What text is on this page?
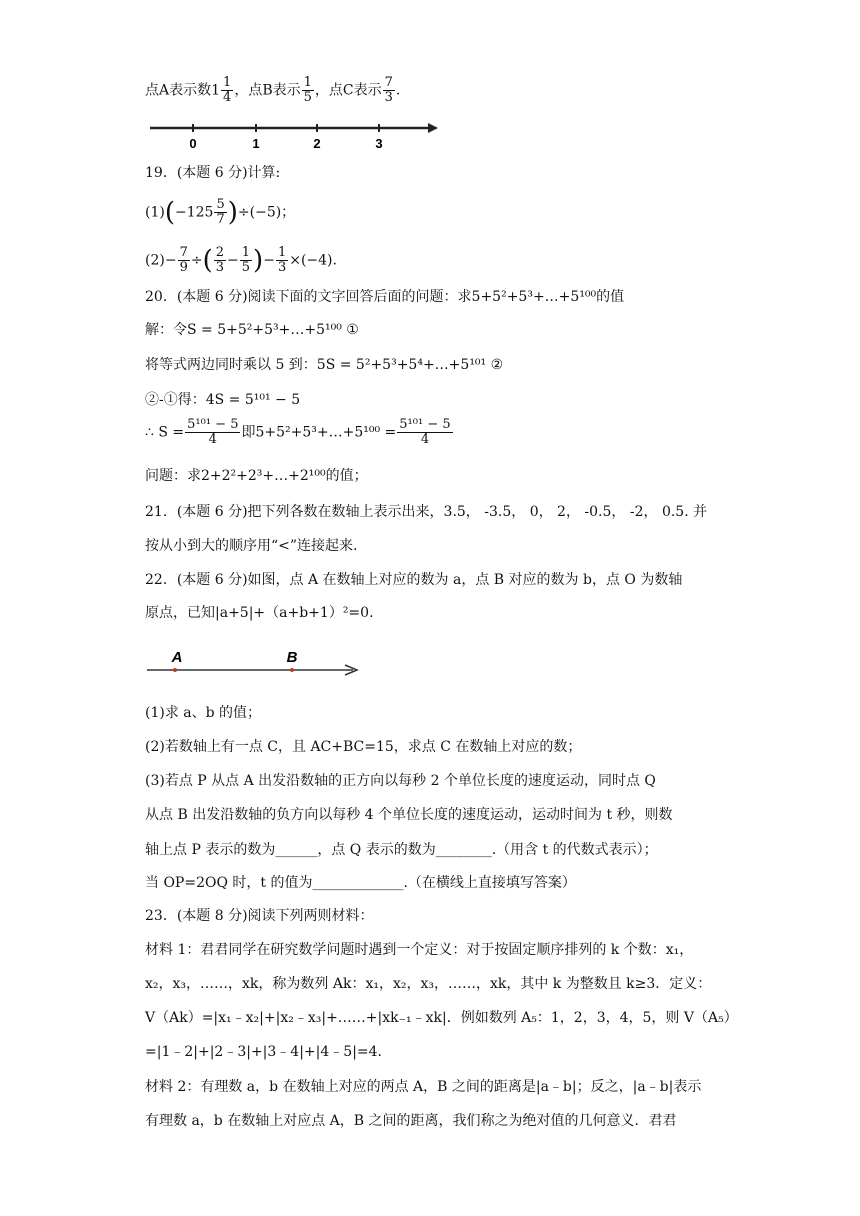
点A表示数$1 \frac{1}{4}$ ，点B表示 $\frac{1}{5}$ ，点C表示 $\frac{7}{3}$ .
0	1	2	3
19．(本题 6 分)计算:
$(1)(-125 \frac{5}{7} )\div(-5)$；
$(2)- \frac{7}{9}$ ÷( $\frac{2}{3} - \frac{1}{5}$ )− $\frac{1}{3} \times(-4)$.
20．(本题 6 分)阅读下面的文字回答后面的问题：求5+5²+5³+…+5¹⁰⁰的值
解：令S = 5+5²+5³+…+5¹⁰⁰ ①
将等式两边同时乘以 5 到：5S = 5²+5³+5⁴+…+5¹⁰¹ ②
②-①得：4S = 5¹⁰¹ − 5
∴ $S = \frac{\text{5¹⁰¹ − 5}}{4}$ 即5+5²+5³+…+5¹⁰⁰ = $\frac{\text{5¹⁰¹ − 5}}{4}$
问题：求2+2²+2³+…+2¹⁰⁰的值；
21．(本题 6 分)把下列各数在数轴上表示出来，3.5， -3.5， 0， 2， -0.5， -2， 0.5. 并
按从小到大的顺序用“<”连接起来.
22．(本题 6 分)如图，点 A 在数轴上对应的数为 a，点 B 对应的数为 b，点 O 为数轴
原点，已知|a+5|+（a+b+1）²=0.
A	B
(1)求 a、b 的值；
(2)若数轴上有一点 C，且 AC+BC=15，求点 C 在数轴上对应的数；
(3)若点 P 从点 A 出发沿数轴的正方向以每秒 2 个单位长度的速度运动，同时点 Q
从点 B 出发沿数轴的负方向以每秒 4 个单位长度的速度运动，运动时间为 t 秒，则数
轴上点 P 表示的数为______，点 Q 表示的数为________.（用含 t 的代数式表示）；
当 OP=2OQ 时，t 的值为_____________.（在横线上直接填写答案）
23．(本题 8 分)阅读下列两则材料：
材料 1：君君同学在研究数学问题时遇到一个定义：对于按固定顺序排列的 k 个数：x₁，
x₂，x₃，……，xk，称为数列 Ak：x₁，x₂，x₃，……，xk，其中 k 为整数且 k≥3．定义：
V（Ak）=|x₁﹣x₂|+|x₂﹣x₃|+……+|xk₋₁﹣xk|．例如数列 A₅：1，2，3，4，5，则 V（A₅）
=|1﹣2|+|2﹣3|+|3﹣4|+|4﹣5|=4．
材料 2：有理数 a，b 在数轴上对应的两点 A，B 之间的距离是|a﹣b|；反之，|a﹣b|表示
有理数 a，b 在数轴上对应点 A，B 之间的距离，我们称之为绝对值的几何意义．君君
